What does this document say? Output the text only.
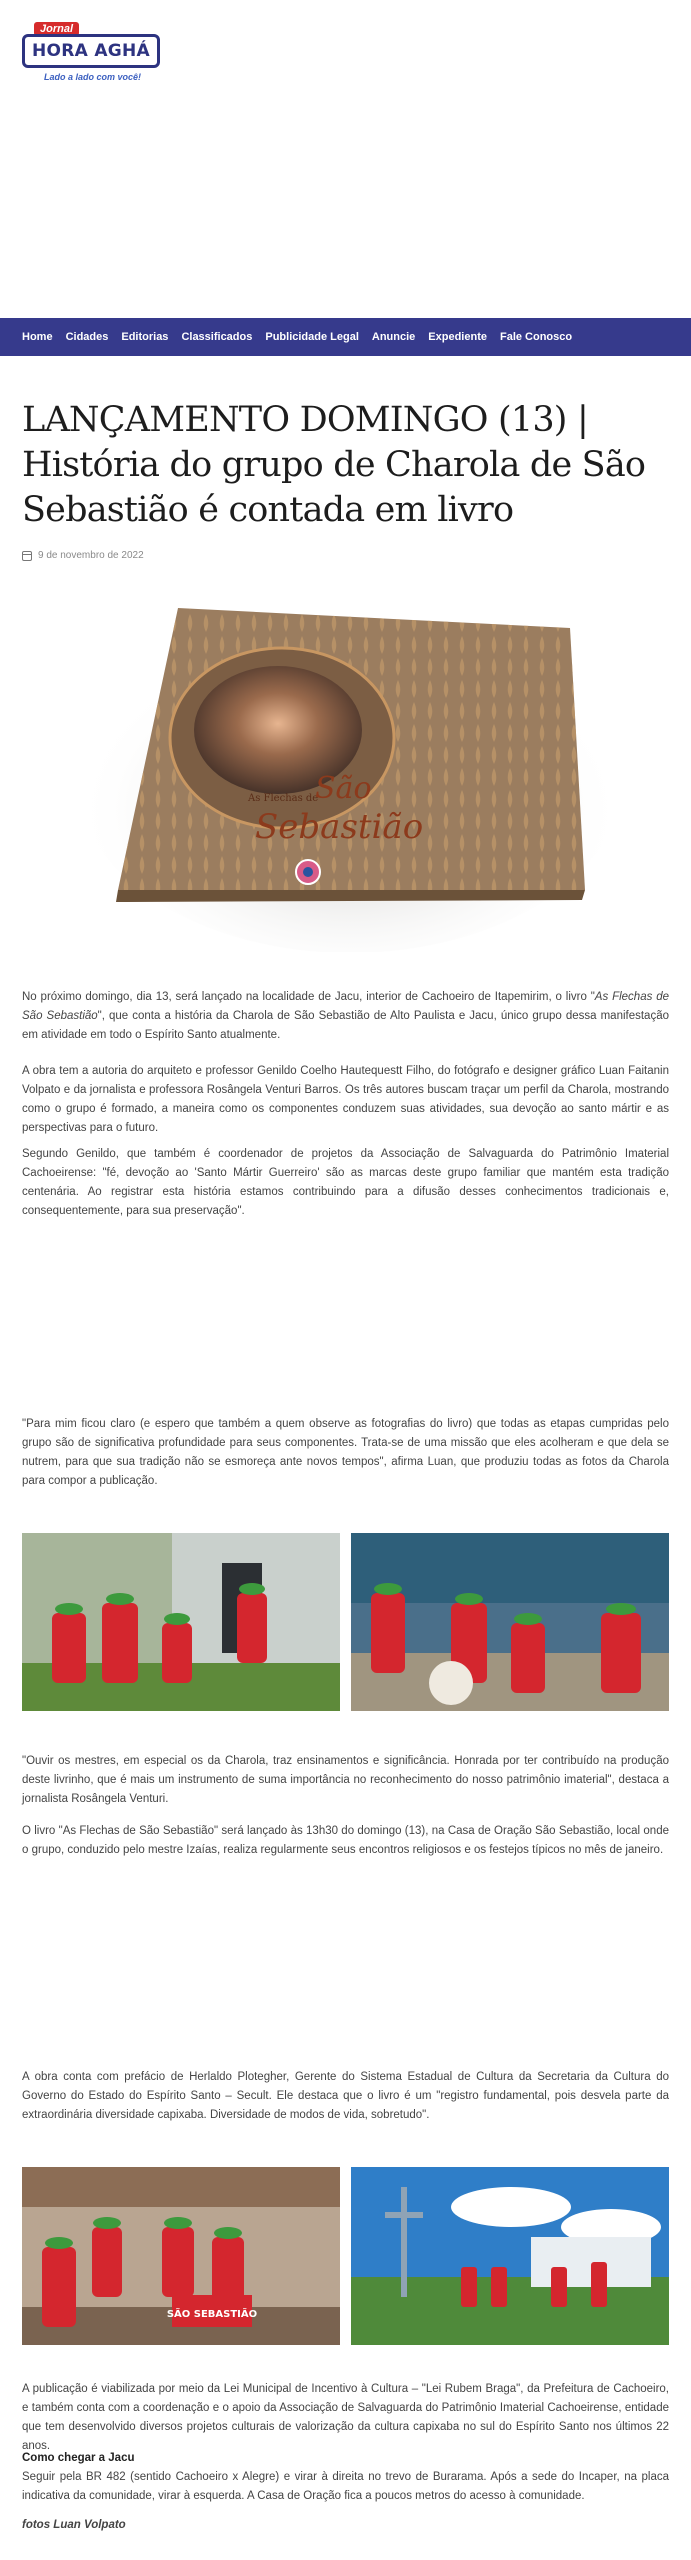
Jornal
HORA AGHÁ
Lado a lado com você!
Home Cidades Editorias Classificados Publicidade Legal Anuncie Expediente Fale Conosco
LANÇAMENTO DOMINGO (13) | História do grupo de Charola de São Sebastião é contada em livro
9 de novembro de 2022
As Flechas de
São
Sebastião

No próximo domingo, dia 13, será lançado na localidade de Jacu, interior de Cachoeiro de Itapemirim, o livro "As Flechas de São Sebastião", que conta a história da Charola de São Sebastião de Alto Paulista e Jacu, único grupo dessa manifestação em atividade em todo o Espírito Santo atualmente.

A obra tem a autoria do arquiteto e professor Genildo Coelho Hautequestt Filho, do fotógrafo e designer gráfico Luan Faitanin Volpato e da jornalista e professora Rosângela Venturi Barros. Os três autores buscam traçar um perfil da Charola, mostrando como o grupo é formado, a maneira como os componentes conduzem suas atividades, sua devoção ao santo mártir e as perspectivas para o futuro.

Segundo Genildo, que também é coordenador de projetos da Associação de Salvaguarda do Patrimônio Imaterial Cachoeirense: "fé, devoção ao 'Santo Mártir Guerreiro' são as marcas deste grupo familiar que mantém esta tradição centenária. Ao registrar esta história estamos contribuindo para a difusão desses conhecimentos tradicionais e, consequentemente, para sua preservação".

"Para mim ficou claro (e espero que também a quem observe as fotografias do livro) que todas as etapas cumpridas pelo grupo são de significativa profundidade para seus componentes. Trata-se de uma missão que eles acolheram e que dela se nutrem, para que sua tradição não se esmoreça ante novos tempos", afirma Luan, que produziu todas as fotos da Charola para compor a publicação.

"Ouvir os mestres, em especial os da Charola, traz ensinamentos e significância. Honrada por ter contribuído na produção deste livrinho, que é mais um instrumento de suma importância no reconhecimento do nosso patrimônio imaterial", destaca a jornalista Rosângela Venturi.

O livro "As Flechas de São Sebastião" será lançado às 13h30 do domingo (13), na Casa de Oração São Sebastião, local onde o grupo, conduzido pelo mestre Izaías, realiza regularmente seus encontros religiosos e os festejos típicos no mês de janeiro.

A obra conta com prefácio de Herlaldo Plotegher, Gerente do Sistema Estadual de Cultura da Secretaria da Cultura do Governo do Estado do Espírito Santo – Secult. Ele destaca que o livro é um "registro fundamental, pois desvela parte da extraordinária diversidade capixaba. Diversidade de modos de vida, sobretudo".

SÃO SEBASTIÃO

A publicação é viabilizada por meio da Lei Municipal de Incentivo à Cultura – "Lei Rubem Braga", da Prefeitura de Cachoeiro, e também conta com a coordenação e o apoio da Associação de Salvaguarda do Patrimônio Imaterial Cachoeirense, entidade que tem desenvolvido diversos projetos culturais de valorização da cultura capixaba no sul do Espírito Santo nos últimos 22 anos.

Como chegar a Jacu

Seguir pela BR 482 (sentido Cachoeiro x Alegre) e virar à direita no trevo de Burarama. Após a sede do Incaper, na placa indicativa da comunidade, virar à esquerda. A Casa de Oração fica a poucos metros do acesso à comunidade.

fotos Luan Volpato
